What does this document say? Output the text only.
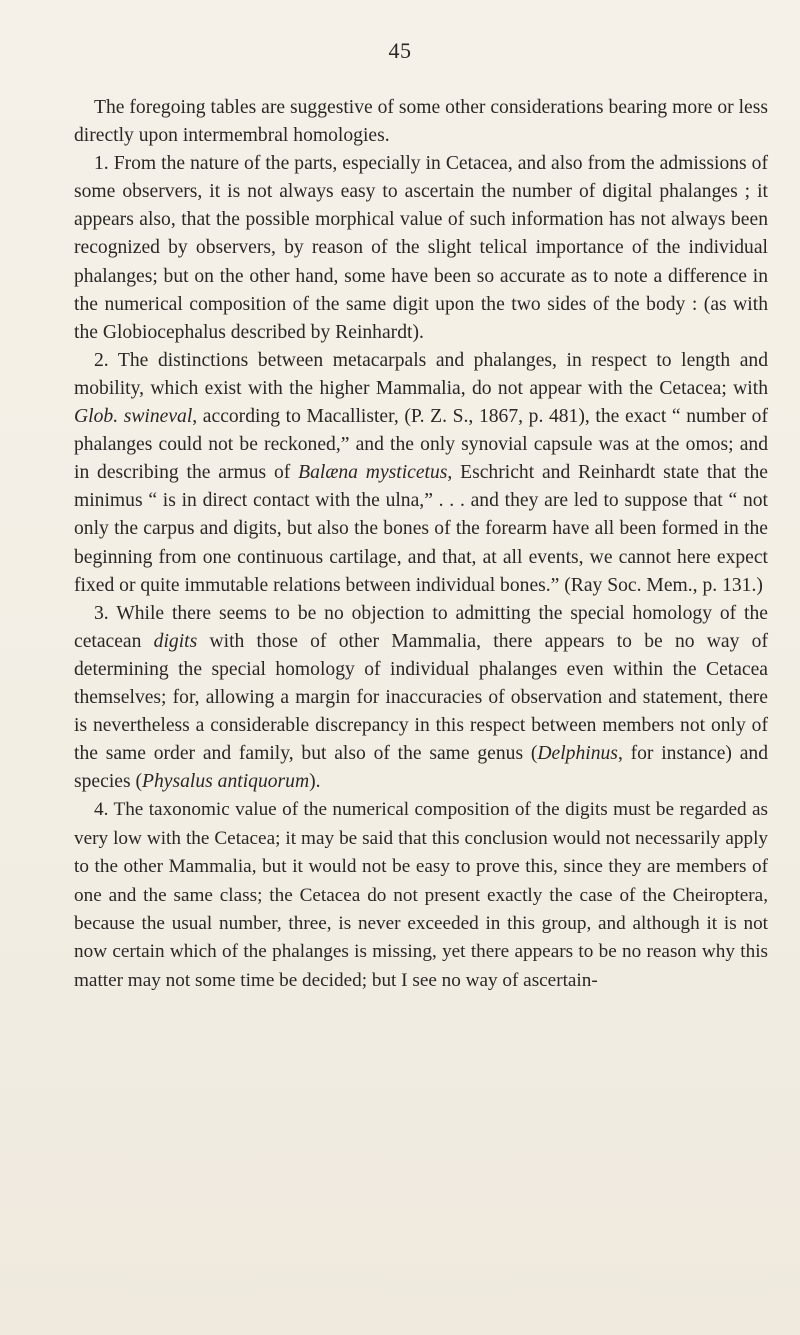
45

The foregoing tables are suggestive of some other considerations bearing more or less directly upon intermembral homologies.

1. From the nature of the parts, especially in Cetacea, and also from the admissions of some observers, it is not always easy to ascertain the number of digital phalanges ; it appears also, that the possible morphical value of such information has not always been recognized by observers, by reason of the slight telical importance of the individual phalanges; but on the other hand, some have been so accurate as to note a difference in the numerical composition of the same digit upon the two sides of the body : (as with the Globiocephalus described by Reinhardt).

2. The distinctions between metacarpals and phalanges, in respect to length and mobility, which exist with the higher Mammalia, do not appear with the Cetacea; with Glob. swineval, according to Macallister, (P. Z. S., 1867, p. 481), the exact “ number of phalanges could not be reckoned,” and the only synovial capsule was at the omos; and in describing the armus of Balæna mysticetus, Eschricht and Reinhardt state that the minimus “ is in direct contact with the ulna,” . . . and they are led to suppose that “ not only the carpus and digits, but also the bones of the forearm have all been formed in the beginning from one continuous cartilage, and that, at all events, we cannot here expect fixed or quite immutable relations between individual bones.” (Ray Soc. Mem., p. 131.)

3. While there seems to be no objection to admitting the special homology of the cetacean digits with those of other Mammalia, there appears to be no way of determining the special homology of individual phalanges even within the Cetacea themselves; for, allowing a margin for inaccuracies of observation and statement, there is nevertheless a considerable discrepancy in this respect between members not only of the same order and family, but also of the same genus (Delphinus, for instance) and species (Physalus antiquorum).

4. The taxonomic value of the numerical composition of the digits must be regarded as very low with the Cetacea; it may be said that this conclusion would not necessarily apply to the other Mammalia, but it would not be easy to prove this, since they are members of one and the same class; the Cetacea do not present exactly the case of the Cheiroptera, because the usual number, three, is never exceeded in this group, and although it is not now certain which of the phalanges is missing, yet there appears to be no reason why this matter may not some time be decided; but I see no way of ascertain-
